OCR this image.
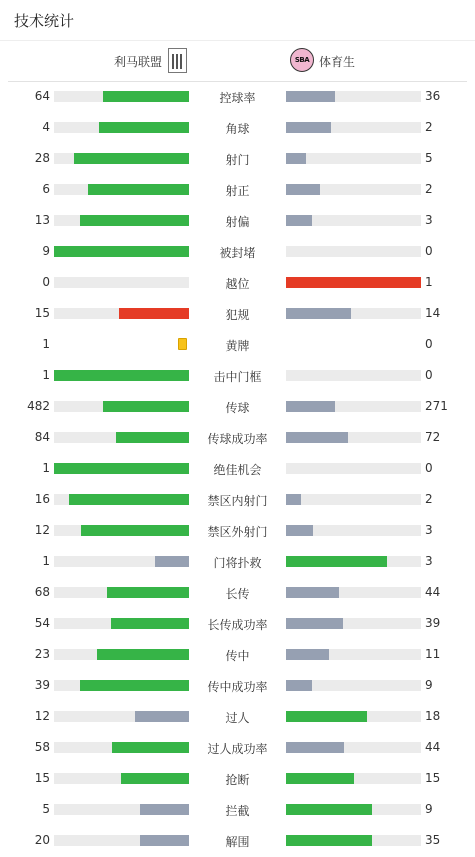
技术统计
利马联盟	SBA 体育生
64	控球率	36
4	角球	2
28	射门	5
6	射正	2
13	射偏	3
9	被封堵	0
0	越位	1
15	犯规	14
1	黄牌	0
1	击中门框	0
482	传球	271
84	传球成功率	72
1	绝佳机会	0
16	禁区内射门	2
12	禁区外射门	3
1	门将扑救	3
68	长传	44
54	长传成功率	39
23	传中	11
39	传中成功率	9
12	过人	18
58	过人成功率	44
15	抢断	15
5	拦截	9
20	解围	35
